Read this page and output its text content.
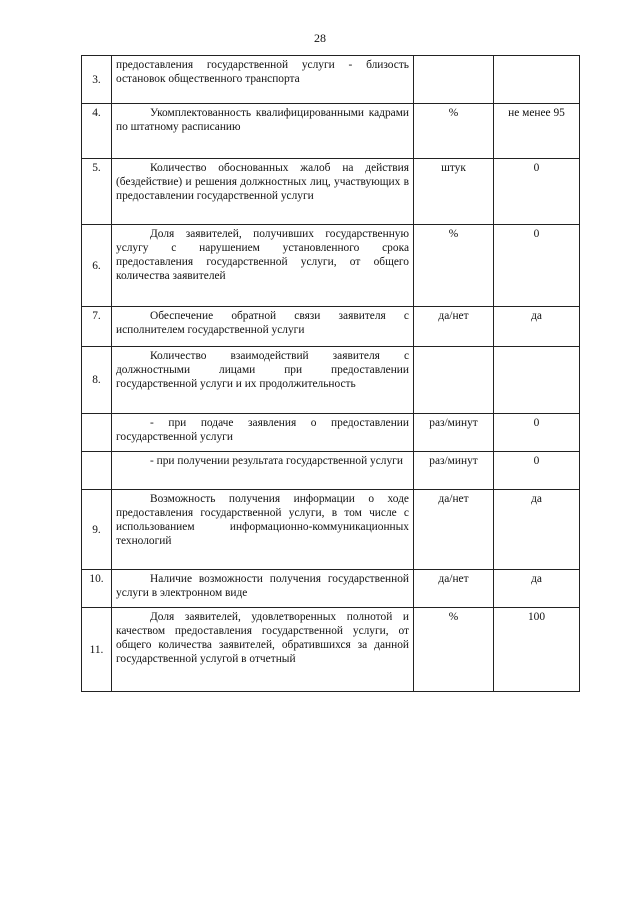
28
3.	предоставления государственной услуги - близость остановок общественного транспорта		
4.	Укомплектованность квалифицированными кадрами по штатному расписанию	%	не менее 95
5.	Количество обоснованных жалоб на действия (бездействие) и решения должностных лиц, участвующих в предоставлении государственной услуги	штук	0
6.	Доля заявителей, получивших государственную услугу с нарушением установленного срока предоставления государственной услуги, от общего количества заявителей	%	0
7.	Обеспечение обратной связи заявителя с исполнителем государственной услуги	да/нет	да
8.	Количество взаимодействий заявителя с должностными лицами при предоставлении государственной услуги и их продолжительность		
	- при подаче заявления о предоставлении государственной услуги	раз/минут	0
	- при получении результата государственной услуги	раз/минут	0
9.	Возможность получения информации о ходе предоставления государственной услуги, в том числе с использованием информационно-коммуникационных технологий	да/нет	да
10.	Наличие возможности получения государственной услуги в электронном виде	да/нет	да
11.	Доля заявителей, удовлетворенных полнотой и качеством предоставления государственной услуги, от общего количества заявителей, обратившихся за данной государственной услугой в отчетный	%	100
